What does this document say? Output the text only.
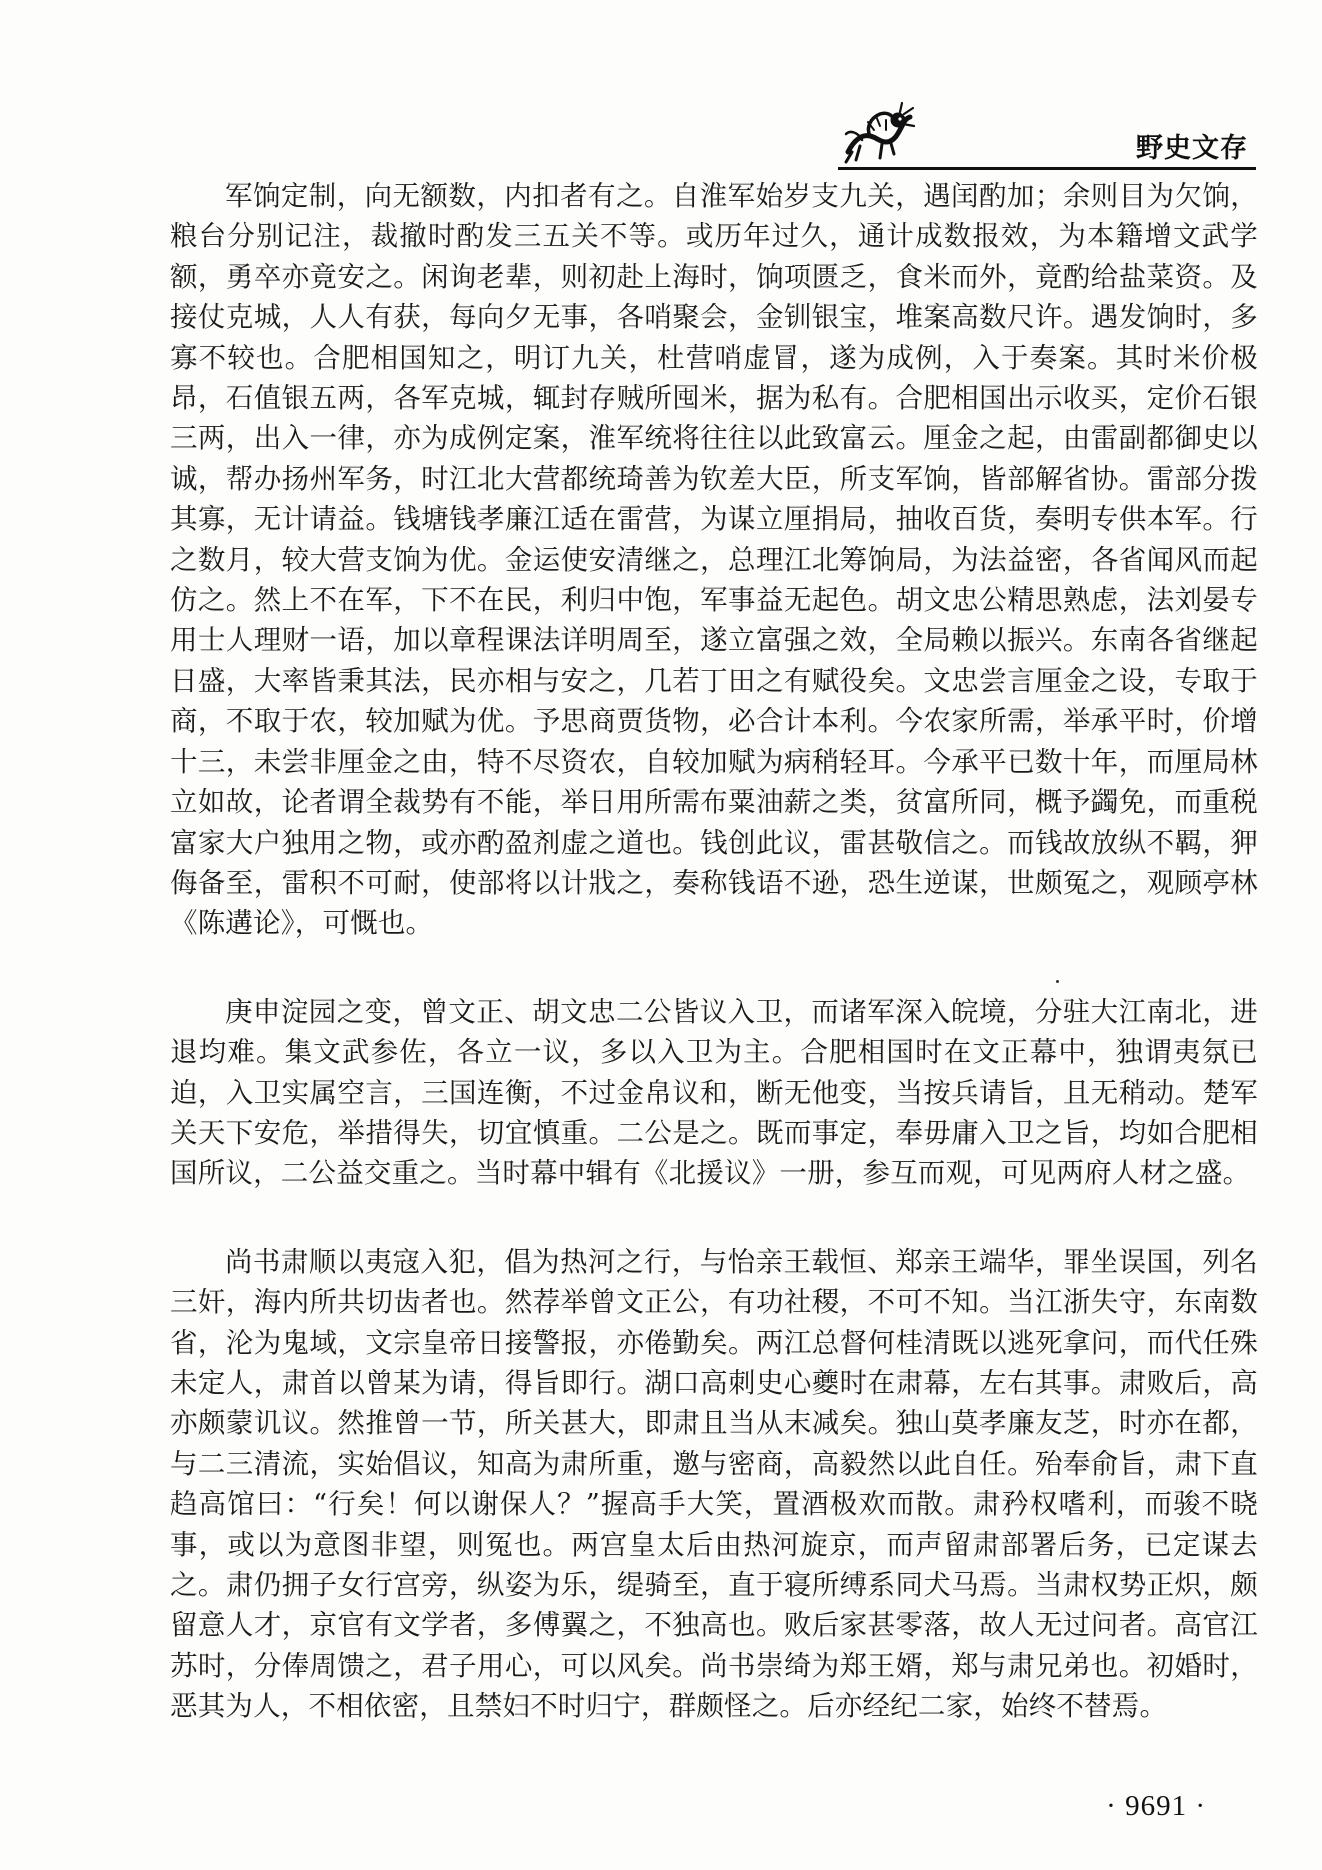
野史文存

军饷定制，向无额数，内扣者有之。自淮军始岁支九关，遇闰酌加；余则目为欠饷，粮台分别记注，裁撤时酌发三五关不等。或历年过久，通计成数报效，为本籍增文武学额，勇卒亦竟安之。闲询老辈，则初赴上海时，饷项匮乏，食米而外，竟酌给盐菜资。及接仗克城，人人有获，每向夕无事，各哨聚会，金钏银宝，堆案高数尺许。遇发饷时，多寡不较也。合肥相国知之，明订九关，杜营哨虚冒，遂为成例，入于奏案。其时米价极昂，石值银五两，各军克城，辄封存贼所囤米，据为私有。合肥相国出示收买，定价石银三两，出入一律，亦为成例定案，淮军统将往往以此致富云。厘金之起，由雷副都御史以诚，帮办扬州军务，时江北大营都统琦善为钦差大臣，所支军饷，皆部解省协。雷部分拨其寡，无计请益。钱塘钱孝廉江适在雷营，为谋立厘捐局，抽收百货，奏明专供本军。行之数月，较大营支饷为优。金运使安清继之，总理江北筹饷局，为法益密，各省闻风而起仿之。然上不在军，下不在民，利归中饱，军事益无起色。胡文忠公精思熟虑，法刘晏专用士人理财一语，加以章程课法详明周至，遂立富强之效，全局赖以振兴。东南各省继起日盛，大率皆秉其法，民亦相与安之，几若丁田之有赋役矣。文忠尝言厘金之设，专取于商，不取于农，较加赋为优。予思商贾货物，必合计本利。今农家所需，举承平时，价增十三，未尝非厘金之由，特不尽资农，自较加赋为病稍轻耳。今承平已数十年，而厘局林立如故，论者谓全裁势有不能，举日用所需布粟油薪之类，贫富所同，概予蠲免，而重税富家大户独用之物，或亦酌盈剂虚之道也。钱创此议，雷甚敬信之。而钱故放纵不羁，狎侮备至，雷积不可耐，使部将以计戕之，奏称钱语不逊，恐生逆谋，世颇冤之，观顾亭林《陈遘论》，可慨也。

庚申淀园之变，曾文正、胡文忠二公皆议入卫，而诸军深入皖境，分驻大江南北，进退均难。集文武参佐，各立一议，多以入卫为主。合肥相国时在文正幕中，独谓夷氛已迫，入卫实属空言，三国连衡，不过金帛议和，断无他变，当按兵请旨，且无稍动。楚军关天下安危，举措得失，切宜慎重。二公是之。既而事定，奉毋庸入卫之旨，均如合肥相国所议，二公益交重之。当时幕中辑有《北援议》一册，参互而观，可见两府人材之盛。

尚书肃顺以夷寇入犯，倡为热河之行，与怡亲王载恒、郑亲王端华，罪坐误国，列名三奸，海内所共切齿者也。然荐举曾文正公，有功社稷，不可不知。当江浙失守，东南数省，沦为鬼域，文宗皇帝日接警报，亦倦勤矣。两江总督何桂清既以逃死拿问，而代任殊未定人，肃首以曾某为请，得旨即行。湖口高刺史心夔时在肃幕，左右其事。肃败后，高亦颇蒙讥议。然推曾一节，所关甚大，即肃且当从末减矣。独山莫孝廉友芝，时亦在都，与二三清流，实始倡议，知高为肃所重，邀与密商，高毅然以此自任。殆奉俞旨，肃下直趋高馆曰：“行矣！何以谢保人？”握高手大笑，置酒极欢而散。肃矜权嗜利，而骏不晓事，或以为意图非望，则冤也。两宫皇太后由热河旋京，而声留肃部署后务，已定谋去之。肃仍拥子女行宫旁，纵姿为乐，缇骑至，直于寝所缚系同犬马焉。当肃权势正炽，颇留意人才，京官有文学者，多傅翼之，不独高也。败后家甚零落，故人无过问者。高官江苏时，分俸周馈之，君子用心，可以风矣。尚书崇绮为郑王婿，郑与肃兄弟也。初婚时，恶其为人，不相依密，且禁妇不时归宁，群颇怪之。后亦经纪二家，始终不替焉。

· 9691 ·
